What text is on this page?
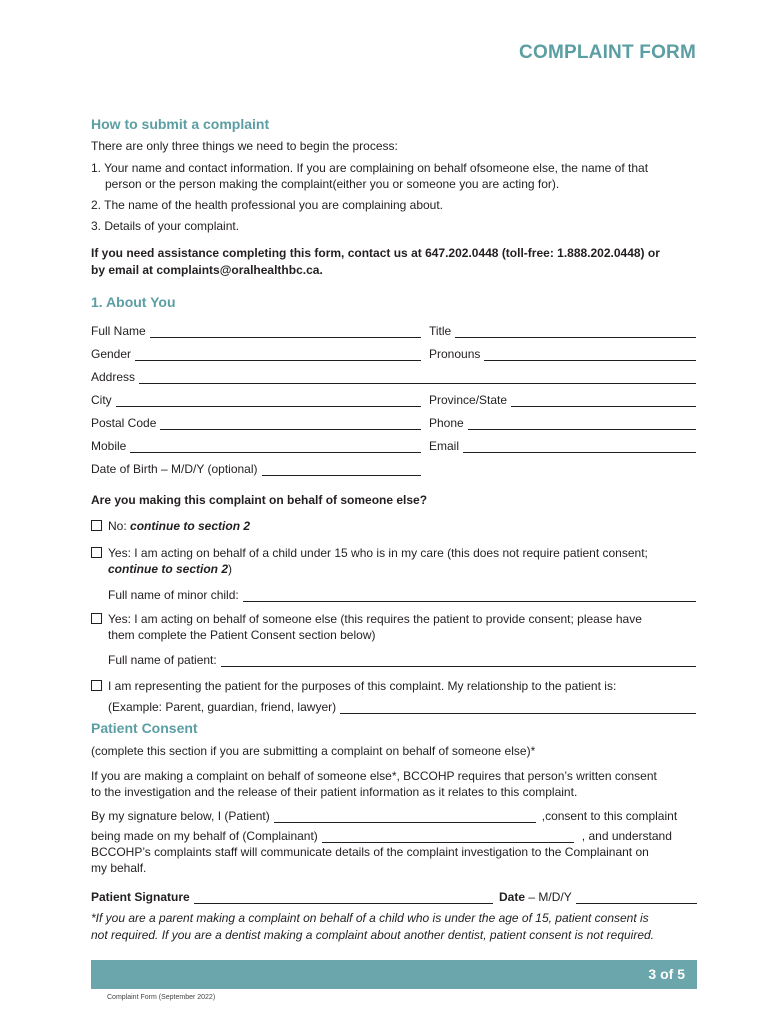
COMPLAINT FORM
How to submit a complaint
There are only three things we need to begin the process:
1. Your name and contact information. If you are complaining on behalf ofsomeone else, the name of that
person or the person making the complaint(either you or someone you are acting for).
2. The name of the health professional you are complaining about.
3. Details of your complaint.
If you need assistance completing this form, contact us at 647.202.0448 (toll-free: 1.888.202.0448) or
by email at complaints@oralhealthbc.ca.
1. About You
Full Name	Title
Gender	Pronouns
Address
City	Province/State
Postal Code	Phone
Mobile	Email
Date of Birth – M/D/Y (optional)
Are you making this complaint on behalf of someone else?
No: continue to section 2
Yes: I am acting on behalf of a child under 15 who is in my care (this does not require patient consent;
continue to section 2)
Full name of minor child:
Yes: I am acting on behalf of someone else (this requires the patient to provide consent; please have
them complete the Patient Consent section below)
Full name of patient:
I am representing the patient for the purposes of this complaint. My relationship to the patient is:
(Example: Parent, guardian, friend, lawyer)
Patient Consent
(complete this section if you are submitting a complaint on behalf of someone else)*
If you are making a complaint on behalf of someone else*, BCCOHP requires that person’s written consent
to the investigation and the release of their patient information as it relates to this complaint.
By my signature below, I (Patient)	,consent to this complaint
being made on my behalf of (Complainant)	, and understand
BCCOHP’s complaints staff will communicate details of the complaint investigation to the Complainant on
my behalf.
Patient Signature	Date – M/D/Y
*If you are a parent making a complaint on behalf of a child who is under the age of 15, patient consent is
not required. If you are a dentist making a complaint about another dentist, patient consent is not required.
3 of 5
Complaint Form (September 2022)
